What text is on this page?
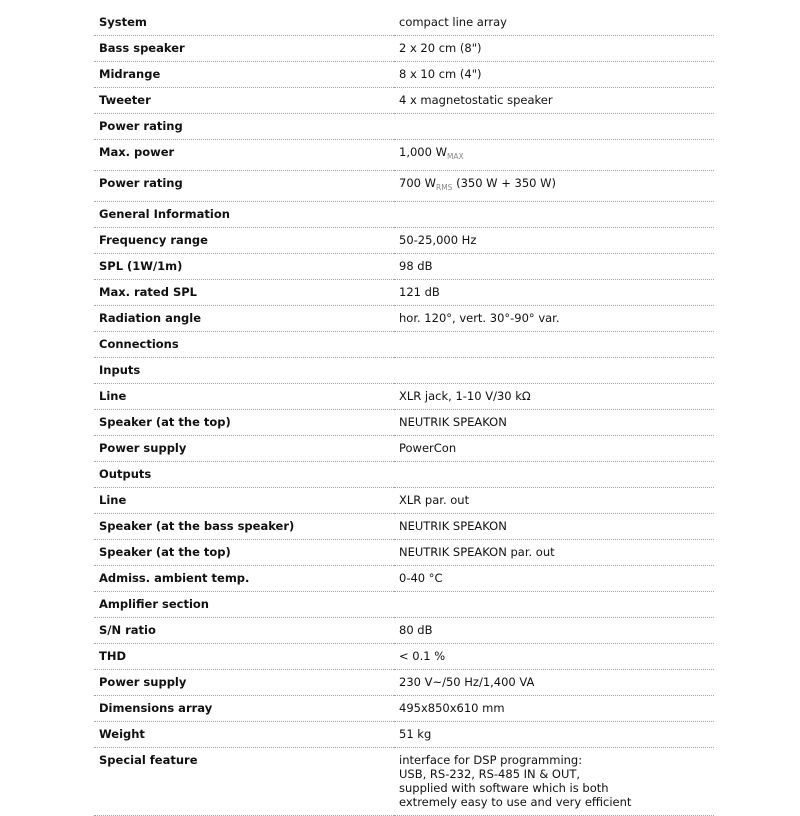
System	compact line array
Bass speaker	2 x 20 cm (8")
Midrange	8 x 10 cm (4")
Tweeter	4 x magnetostatic speaker
Power rating	
Max. power	1,000 $W_{MAX}$
Power rating	700 $W_{RMS}$ (350 W + 350 W)
General Information	
Frequency range	50-25,000 Hz
SPL (1W/1m)	98 dB
Max. rated SPL	121 dB
Radiation angle	hor. 120°, vert. 30°-90° var.
Connections	
Inputs	
Line	XLR jack, 1-10 V/30 kΩ
Speaker (at the top)	NEUTRIK SPEAKON
Power supply	PowerCon
Outputs	
Line	XLR par. out
Speaker (at the bass speaker)	NEUTRIK SPEAKON
Speaker (at the top)	NEUTRIK SPEAKON par. out
Admiss. ambient temp.	0-40 °C
Amplifier section	
S/N ratio	80 dB
THD	< 0.1 %
Power supply	230 V~/50 Hz/1,400 VA
Dimensions array	495x850x610 mm
Weight	51 kg
Special feature	interface for DSP programming:
USB, RS-232, RS-485 IN & OUT,
supplied with software which is both
extremely easy to use and very efficient
